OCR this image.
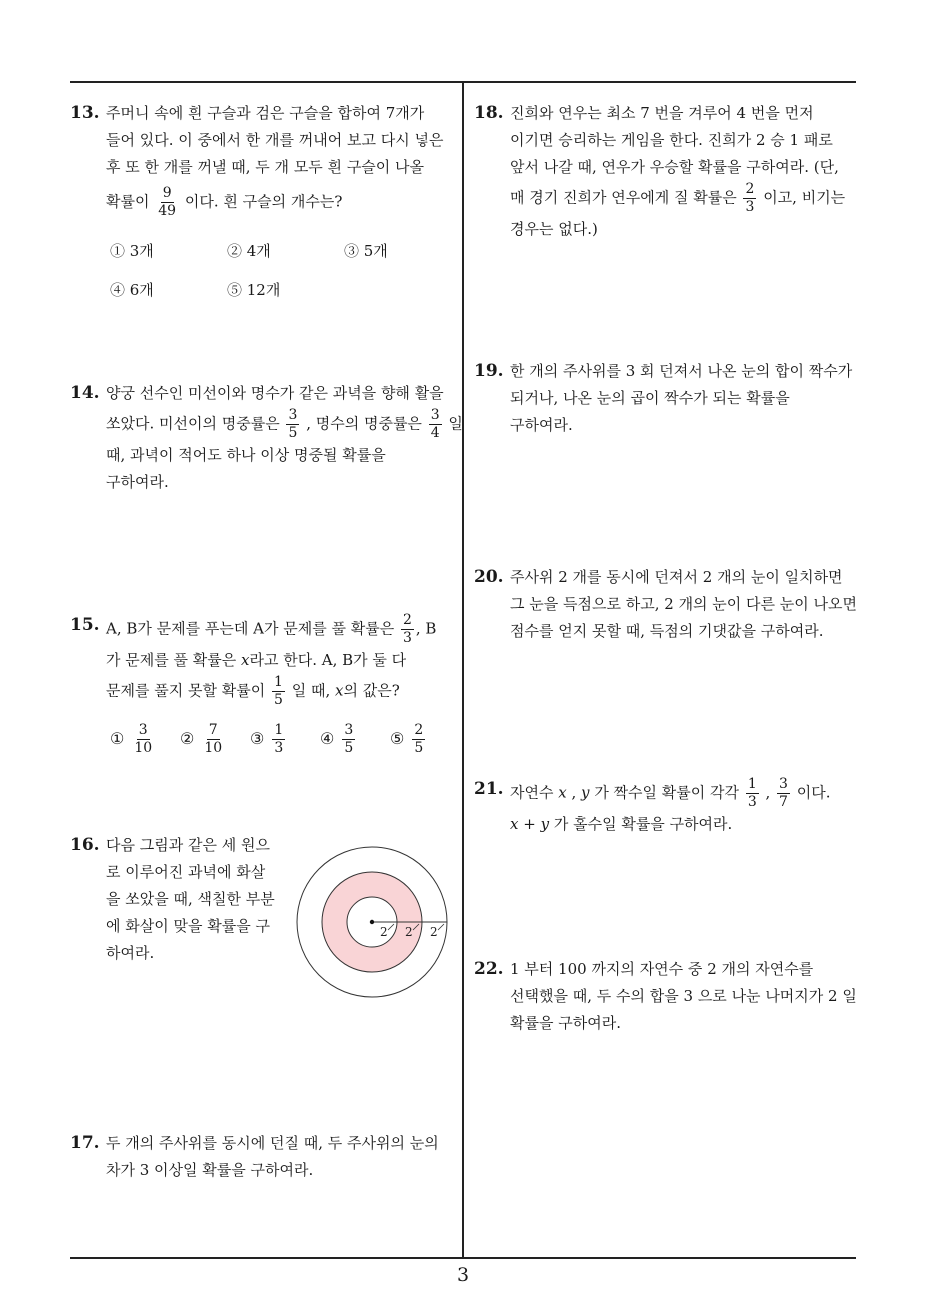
3
13. 주머니 속에 흰 구슬과 검은 구슬을 합하여 7개가
들어 있다. 이 중에서 한 개를 꺼내어 보고 다시 넣은
후 또 한 개를 꺼낼 때, 두 개 모두 흰 구슬이 나올
확률이 $\frac{9}{49}$ 이다. 흰 구슬의 개수는?
① 3개	② 4개	③ 5개
④ 6개	⑤ 12개
14. 양궁 선수인 미선이와 명수가 같은 과녁을 향해 활을
쏘았다. 미선이의 명중률은 $\frac{3}{5}$ , 명수의 명중률은 $\frac{3}{4}$ 일
때, 과녁이 적어도 하나 이상 명중될 확률을
구하여라.
15. A, B가 문제를 푸는데 A가 문제를 풀 확률은 $\frac{2}{3}$ , B
가 문제를 풀 확률은 x라고 한다. A, B가 둘 다
문제를 풀지 못할 확률이 $\frac{1}{5}$ 일 때, x의 값은?
① $\frac{3}{10}$ ② $\frac{7}{10}$ ③ $\frac{1}{3}$ ④ $\frac{3}{5}$ ⑤ $\frac{2}{5}$
16. 다음 그림과 같은 세 원으
로 이루어진 과녁에 화살
을 쏘았을 때, 색칠한 부분
에 화살이 맞을 확률을 구
하여라.
2 2 2
17. 두 개의 주사위를 동시에 던질 때, 두 주사위의 눈의
차가 3 이상일 확률을 구하여라.
18. 진희와 연우는 최소 7 번을 겨루어 4 번을 먼저
이기면 승리하는 게임을 한다. 진희가 2 승 1 패로
앞서 나갈 때, 연우가 우승할 확률을 구하여라. (단,
매 경기 진희가 연우에게 질 확률은 $\frac{2}{3}$ 이고, 비기는
경우는 없다.)
19. 한 개의 주사위를 3 회 던져서 나온 눈의 합이 짝수가
되거나, 나온 눈의 곱이 짝수가 되는 확률을
구하여라.
20. 주사위 2 개를 동시에 던져서 2 개의 눈이 일치하면
그 눈을 득점으로 하고, 2 개의 눈이 다른 눈이 나오면
점수를 얻지 못할 때, 득점의 기댓값을 구하여라.
21. 자연수 x , y 가 짝수일 확률이 각각 $\frac{1}{3}$ , $\frac{3}{7}$ 이다.
x + y 가 홀수일 확률을 구하여라.
22. 1 부터 100 까지의 자연수 중 2 개의 자연수를
선택했을 때, 두 수의 합을 3 으로 나눈 나머지가 2 일
확률을 구하여라.
